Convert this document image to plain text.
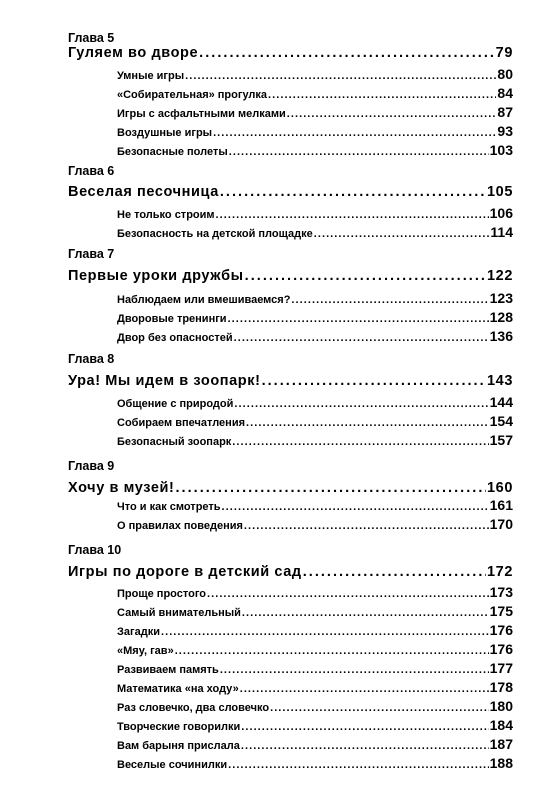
Глава 5
Гуляем во дворе . . .	79
Умные игры . . .	80
«Собирательная» прогулка . . .	84
Игры с асфальтными мелками . . .	87
Воздушные игры . . .	93
Безопасные полеты . . .	103
Глава 6
Веселая песочница . . .	105
Не только строим . . .	106
Безопасность на детской площадке . . .	114
Глава 7
Первые уроки дружбы . . .	122
Наблюдаем или вмешиваемся? . . .	123
Дворовые тренинги . . .	128
Двор без опасностей . . .	136
Глава 8
Ура! Мы идем в зоопарк! . . .	143
Общение с природой . . .	144
Собираем впечатления . . .	154
Безопасный зоопарк . . .	157
Глава 9
Хочу в музей! . . .	160
Что и как смотреть . . .	161
О правилах поведения . . .	170
Глава 10
Игры по дороге в детский сад . . .	172
Проще простого . . .	173
Самый внимательный . . .	175
Загадки . . .	176
«Мяу, гав» . . .	176
Развиваем память . . .	177
Математика «на ходу» . . .	178
Раз словечко, два словечко . . .	180
Творческие говорилки . . .	184
Вам барыня прислала . . .	187
Веселые сочинилки . . .	188
